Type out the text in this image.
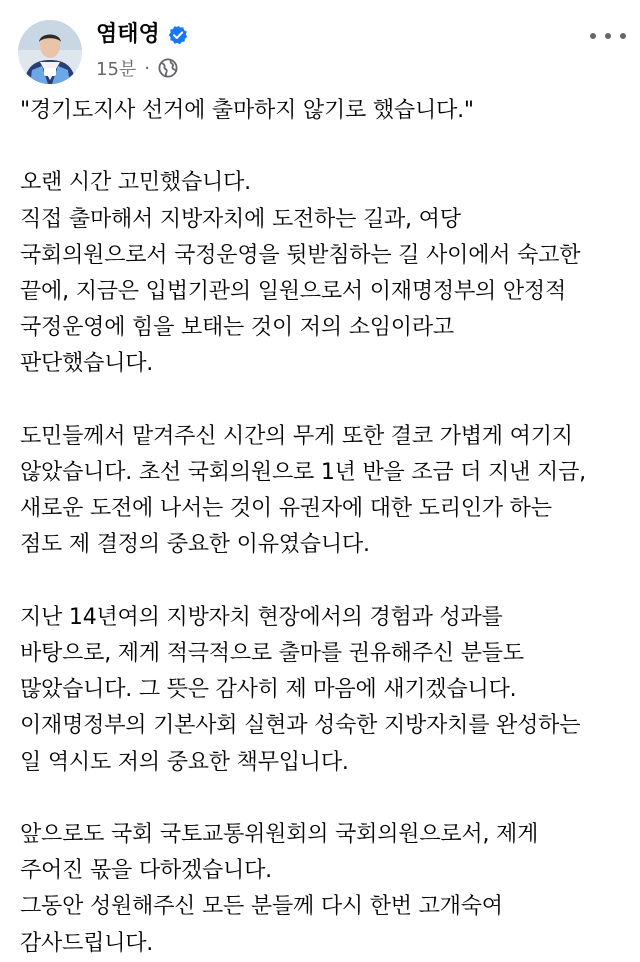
염태영
15분 ·

"경기도지사 선거에 출마하지 않기로 했습니다."

오랜 시간 고민했습니다.
직접 출마해서 지방자치에 도전하는 길과, 여당
국회의원으로서 국정운영을 뒷받침하는 길 사이에서 숙고한
끝에, 지금은 입법기관의 일원으로서 이재명정부의 안정적
국정운영에 힘을 보태는 것이 저의 소임이라고
판단했습니다.

도민들께서 맡겨주신 시간의 무게 또한 결코 가볍게 여기지
않았습니다. 초선 국회의원으로 1년 반을 조금 더 지낸 지금,
새로운 도전에 나서는 것이 유권자에 대한 도리인가 하는
점도 제 결정의 중요한 이유였습니다.

지난 14년여의 지방자치 현장에서의 경험과 성과를
바탕으로, 제게 적극적으로 출마를 권유해주신 분들도
많았습니다. 그 뜻은 감사히 제 마음에 새기겠습니다.
이재명정부의 기본사회 실현과 성숙한 지방자치를 완성하는
일 역시도 저의 중요한 책무입니다.

앞으로도 국회 국토교통위원회의 국회의원으로서, 제게
주어진 몫을 다하겠습니다.
그동안 성원해주신 모든 분들께 다시 한번 고개숙여
감사드립니다.
